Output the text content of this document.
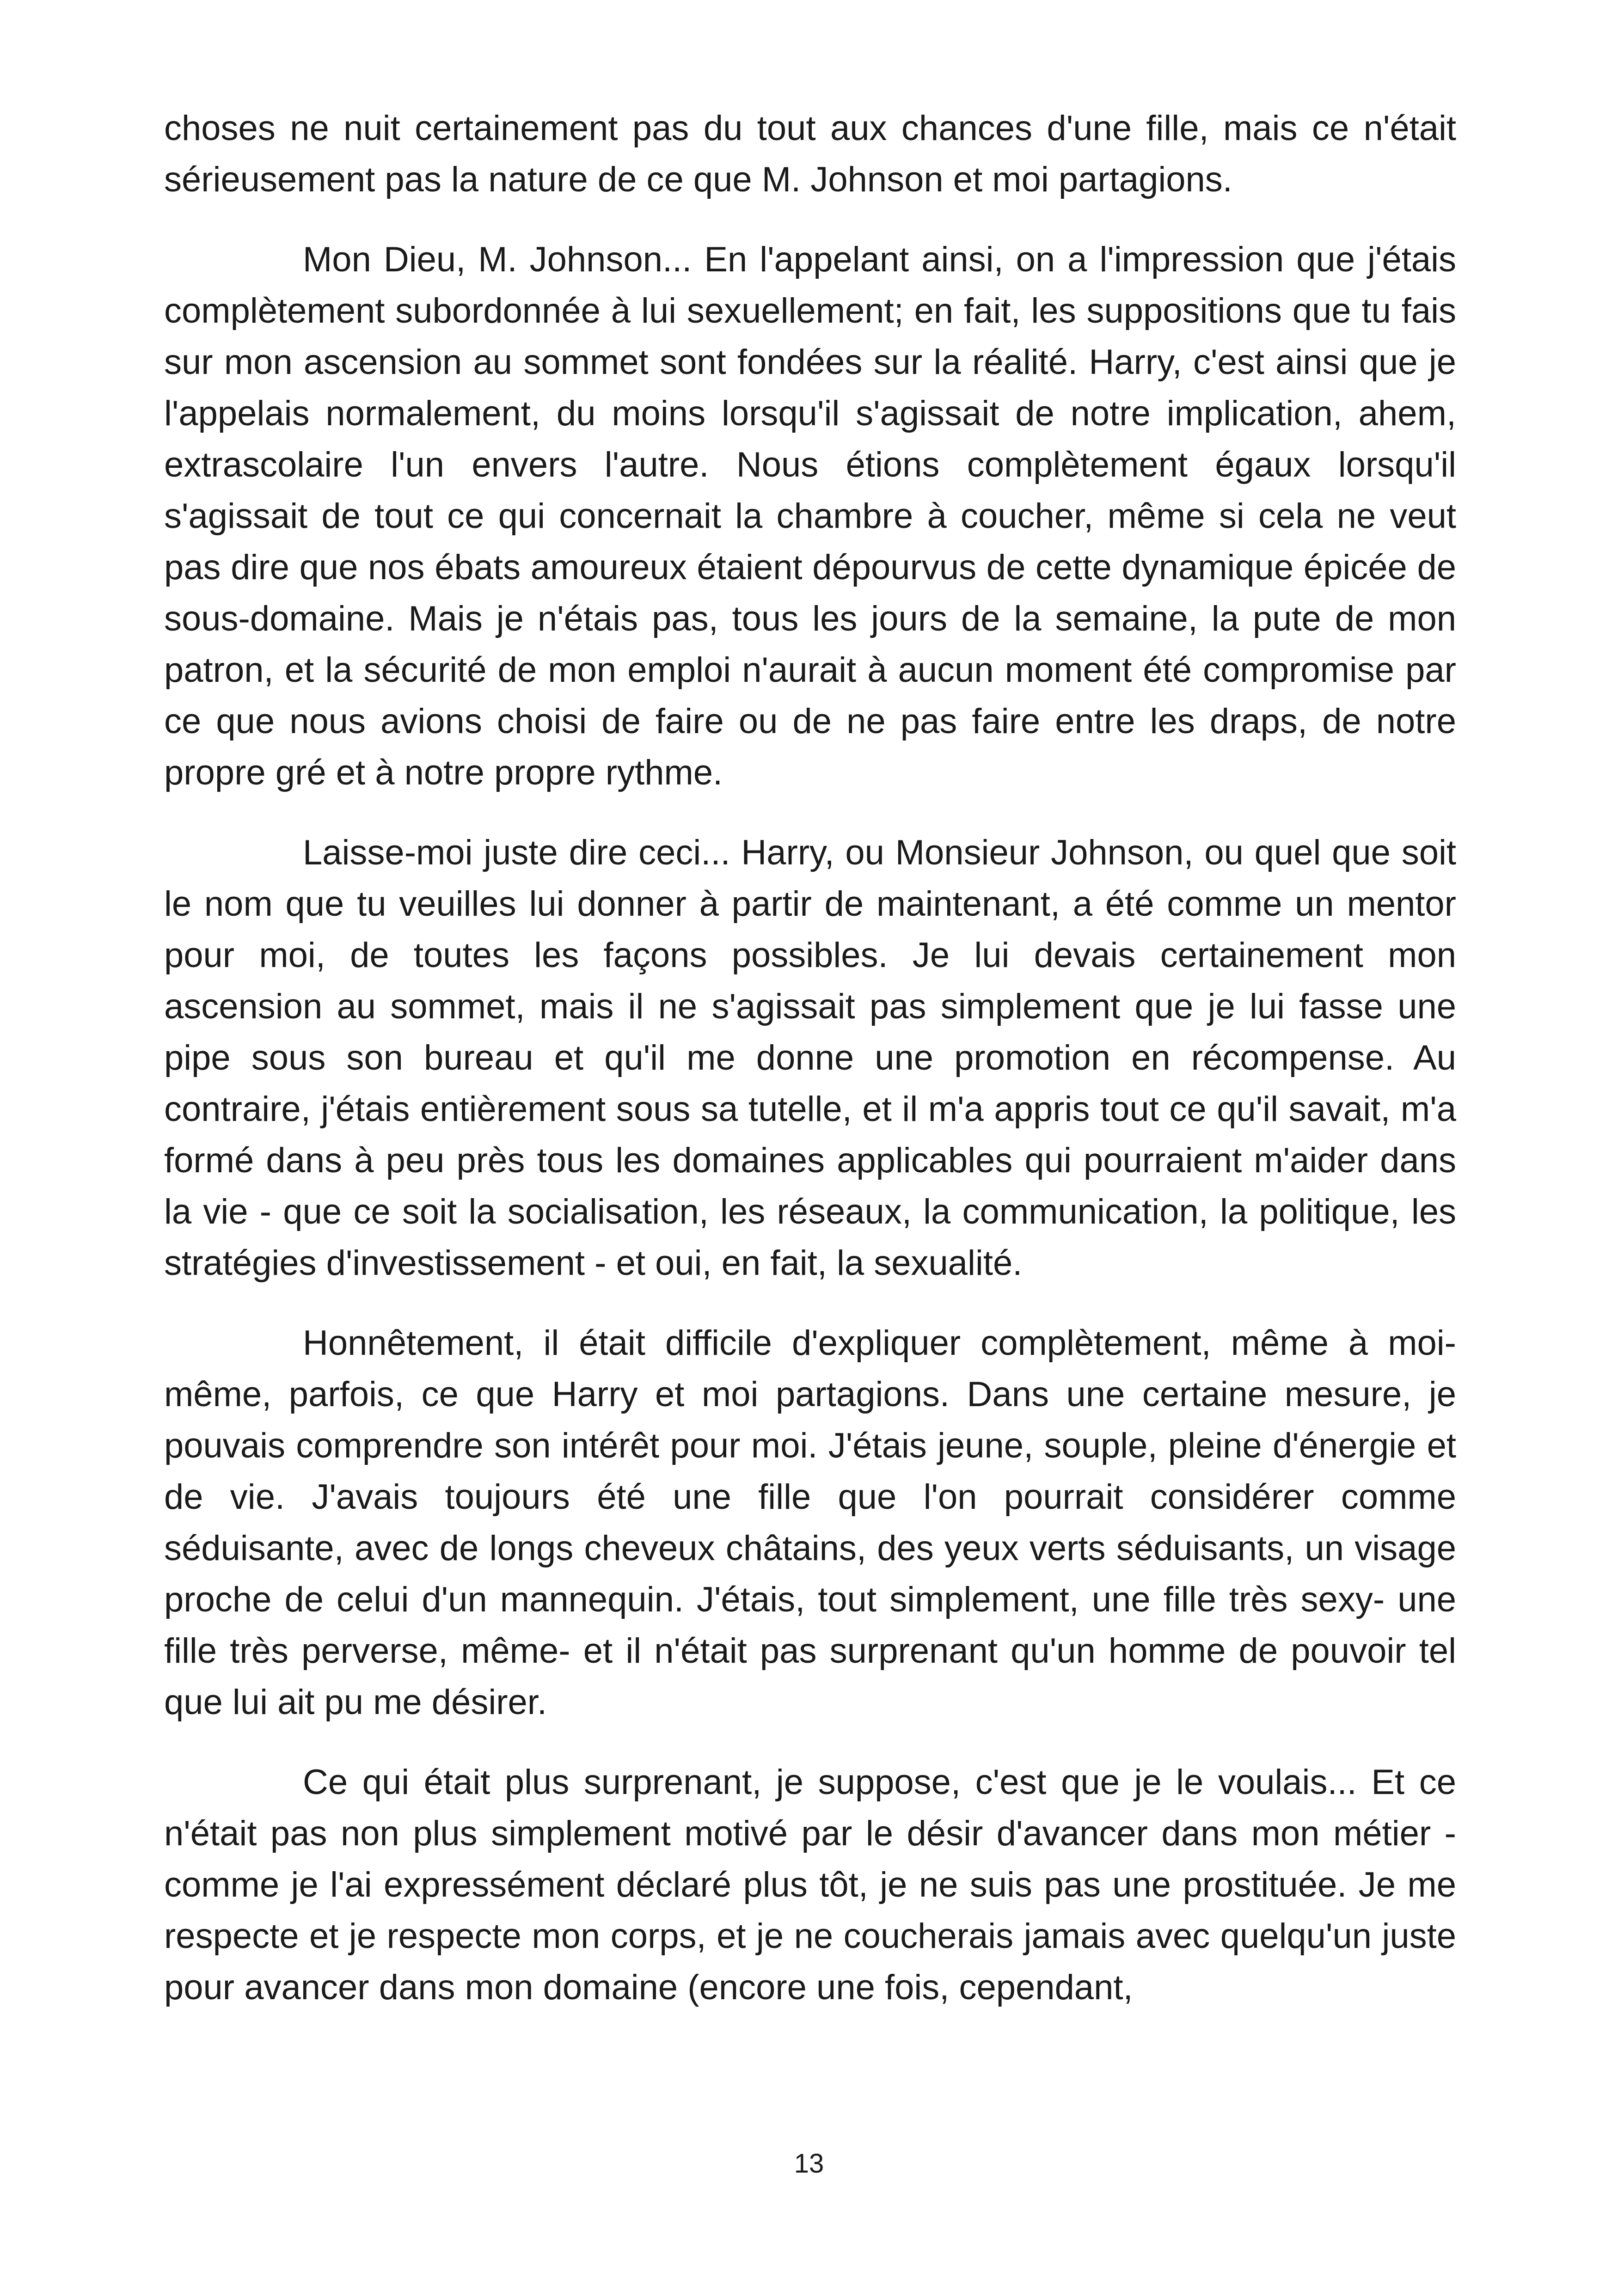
choses ne nuit certainement pas du tout aux chances d'une fille, mais ce n'était sérieusement pas la nature de ce que M. Johnson et moi partagions.

Mon Dieu, M. Johnson... En l'appelant ainsi, on a l'impression que j'étais complètement subordonnée à lui sexuellement; en fait, les suppositions que tu fais sur mon ascension au sommet sont fondées sur la réalité. Harry, c'est ainsi que je l'appelais normalement, du moins lorsqu'il s'agissait de notre implication, ahem, extrascolaire l'un envers l'autre. Nous étions complètement égaux lorsqu'il s'agissait de tout ce qui concernait la chambre à coucher, même si cela ne veut pas dire que nos ébats amoureux étaient dépourvus de cette dynamique épicée de sous-domaine. Mais je n'étais pas, tous les jours de la semaine, la pute de mon patron, et la sécurité de mon emploi n'aurait à aucun moment été compromise par ce que nous avions choisi de faire ou de ne pas faire entre les draps, de notre propre gré et à notre propre rythme.

Laisse-moi juste dire ceci... Harry, ou Monsieur Johnson, ou quel que soit le nom que tu veuilles lui donner à partir de maintenant, a été comme un mentor pour moi, de toutes les façons possibles. Je lui devais certainement mon ascension au sommet, mais il ne s'agissait pas simplement que je lui fasse une pipe sous son bureau et qu'il me donne une promotion en récompense. Au contraire, j'étais entièrement sous sa tutelle, et il m'a appris tout ce qu'il savait, m'a formé dans à peu près tous les domaines applicables qui pourraient m'aider dans la vie - que ce soit la socialisation, les réseaux, la communication, la politique, les stratégies d'investissement - et oui, en fait, la sexualité.

Honnêtement, il était difficile d'expliquer complètement, même à moi-même, parfois, ce que Harry et moi partagions. Dans une certaine mesure, je pouvais comprendre son intérêt pour moi. J'étais jeune, souple, pleine d'énergie et de vie. J'avais toujours été une fille que l'on pourrait considérer comme séduisante, avec de longs cheveux châtains, des yeux verts séduisants, un visage proche de celui d'un mannequin. J'étais, tout simplement, une fille très sexy- une fille très perverse, même- et il n'était pas surprenant qu'un homme de pouvoir tel que lui ait pu me désirer.

Ce qui était plus surprenant, je suppose, c'est que je le voulais... Et ce n'était pas non plus simplement motivé par le désir d'avancer dans mon métier - comme je l'ai expressément déclaré plus tôt, je ne suis pas une prostituée. Je me respecte et je respecte mon corps, et je ne coucherais jamais avec quelqu'un juste pour avancer dans mon domaine (encore une fois, cependant,

13
